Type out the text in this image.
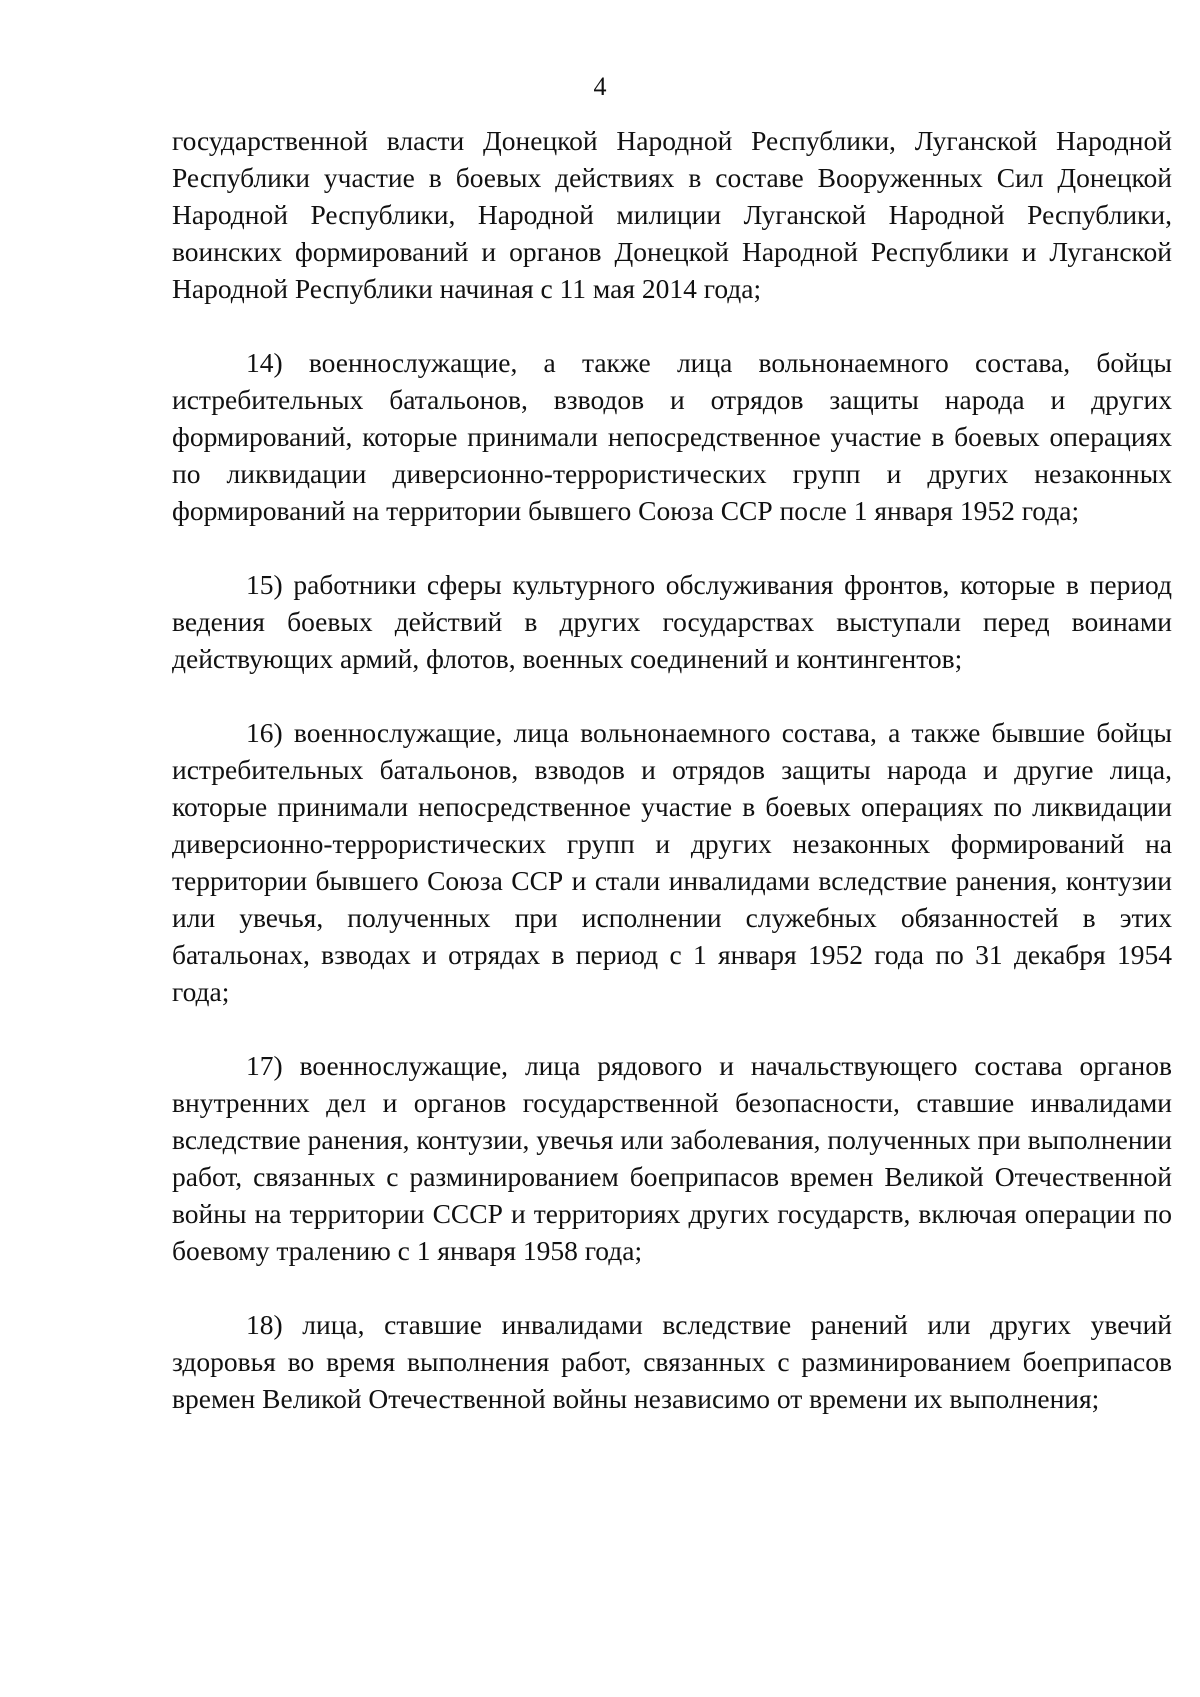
4

государственной власти Донецкой Народной Республики, Луганской Народной Республики участие в боевых действиях в составе Вооруженных Сил Донецкой Народной Республики, Народной милиции Луганской Народной Республики, воинских формирований и органов Донецкой Народной Республики и Луганской Народной Республики начиная с 11 мая 2014 года;

14) военнослужащие, а также лица вольнонаемного состава, бойцы истребительных батальонов, взводов и отрядов защиты народа и других формирований, которые принимали непосредственное участие в боевых операциях по ликвидации диверсионно-террористических групп и других незаконных формирований на территории бывшего Союза ССР после 1 января 1952 года;

15) работники сферы культурного обслуживания фронтов, которые в период ведения боевых действий в других государствах выступали перед воинами действующих армий, флотов, военных соединений и контингентов;

16) военнослужащие, лица вольнонаемного состава, а также бывшие бойцы истребительных батальонов, взводов и отрядов защиты народа и другие лица, которые принимали непосредственное участие в боевых операциях по ликвидации диверсионно-террористических групп и других незаконных формирований на территории бывшего Союза ССР и стали инвалидами вследствие ранения, контузии или увечья, полученных при исполнении служебных обязанностей в этих батальонах, взводах и отрядах в период с 1 января 1952 года по 31 декабря 1954 года;

17) военнослужащие, лица рядового и начальствующего состава органов внутренних дел и органов государственной безопасности, ставшие инвалидами вследствие ранения, контузии, увечья или заболевания, полученных при выполнении работ, связанных с разминированием боеприпасов времен Великой Отечественной войны на территории СССР и территориях других государств, включая операции по боевому тралению с 1 января 1958 года;

18) лица, ставшие инвалидами вследствие ранений или других увечий здоровья во время выполнения работ, связанных с разминированием боеприпасов времен Великой Отечественной войны независимо от времени их выполнения;
